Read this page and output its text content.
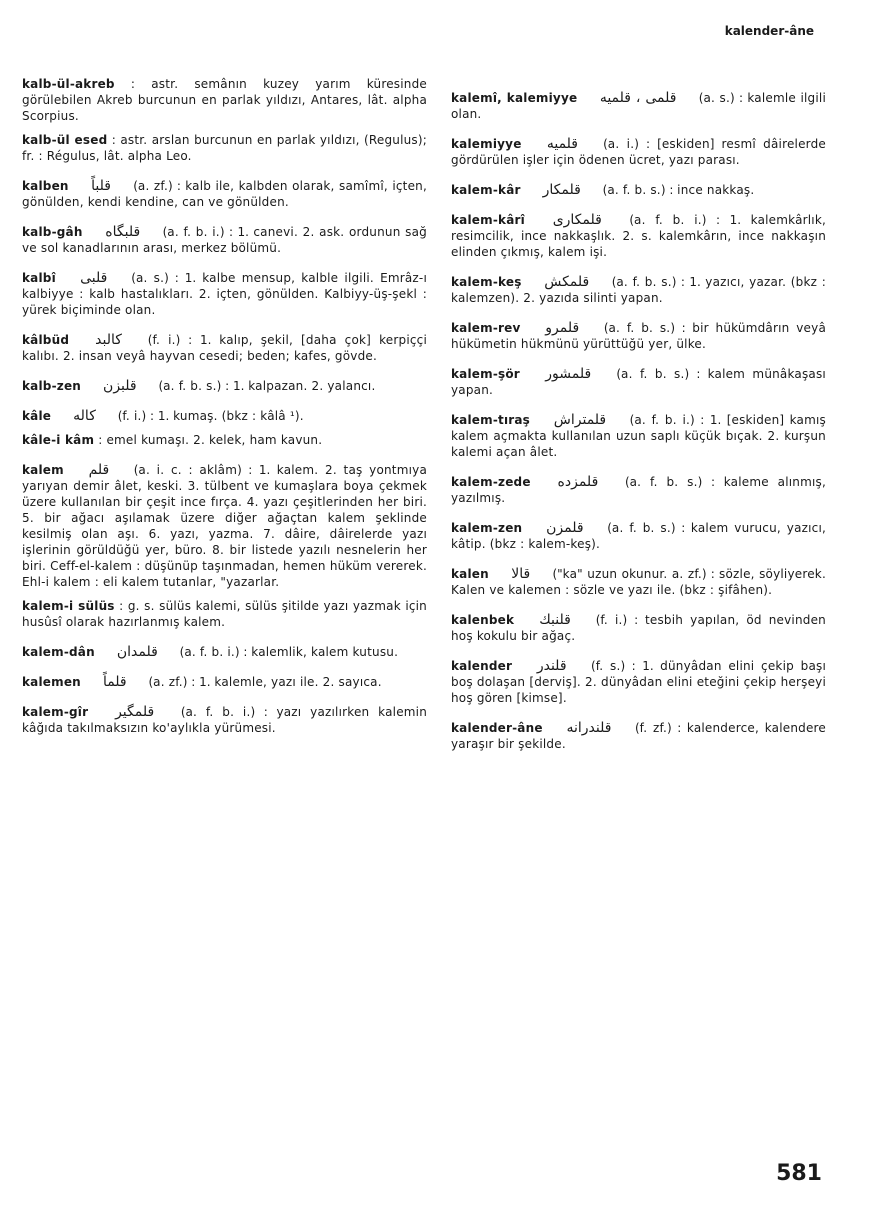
kalender-âne
kalb-ül-akreb : astr. semânın kuzey yarım küresinde görülebilen Akreb burcunun en parlak yıldızı, Antares, lât. alpha Scorpius.
kalb-ül esed : astr. arslan burcunun en parlak yıldızı, (Regulus); fr. : Régulus, lât. alpha Leo.
kalben قلباً (a. zf.) : kalb ile, kalbden olarak, samîmî, içten, gönülden, kendi kendine, can ve gönülden.
kalb-gâh قلبگاه (a. f. b. i.) : 1. canevi. 2. ask. ordunun sağ ve sol kanadlarının arası, merkez bölümü.
kalbî قلبى (a. s.) : 1. kalbe mensup, kalble ilgili. Emrâz-ı kalbiyye : kalb hastalıkları. 2. içten, gönülden. Kalbiyy-üş-şekl : yürek biçiminde olan.
kâlbüd كالبد (f. i.) : 1. kalıp, şekil, [daha çok] kerpiççi kalıbı. 2. insan veyâ hayvan cesedi; beden; kafes, gövde.
kalb-zen قلبزن (a. f. b. s.) : 1. kalpazan. 2. yalancı.
kâle كاله (f. i.) : 1. kumaş. (bkz : kâlâ ¹).
kâle-i kâm : emel kumaşı. 2. kelek, ham kavun.
kalem قلم (a. i. c. : aklâm) : 1. kalem. 2. taş yontmıya yarıyan demir âlet, keski. 3. tülbent ve kumaşlara boya çekmek üzere kullanılan bir çeşit ince fırça. 4. yazı çeşitlerinden her biri. 5. bir ağacı aşılamak üzere diğer ağaçtan kalem şeklinde kesilmiş olan aşı. 6. yazı, yazma. 7. dâire, dâirelerde yazı işlerinin görüldüğü yer, büro. 8. bir listede yazılı nesnelerin her biri. Ceff-el-kalem : düşünüp taşınmadan, hemen hüküm vererek. Ehl-i kalem : eli kalem tutanlar, "yazarlar.
kalem-i sülüs : g. s. sülüs kalemi, sülüs şitilde yazı yazmak için husûsî olarak hazırlanmış kalem.
kalem-dân قلمدان (a. f. b. i.) : kalemlik, kalem kutusu.
kalemen قلماً (a. zf.) : 1. kalemle, yazı ile. 2. sayıca.
kalem-gîr قلمگير (a. f. b. i.) : yazı yazılırken kalemin kâğıda takılmaksızın ko'aylıkla yürümesi.
kalemî, kalemiyye قلمى ، قلميه (a. s.) : kalemle ilgili olan.
kalemiyye قلميه (a. i.) : [eskiden] resmî dâirelerde gördürülen işler için ödenen ücret, yazı parası.
kalem-kâr قلمكار (a. f. b. s.) : ince nakkaş.
kalem-kârî قلمكارى (a. f. b. i.) : 1. kalemkârlık, resimcilik, ince nakkaşlık. 2. s. kalemkârın, ince nakkaşın elinden çıkmış, kalem işi.
kalem-keş قلمكش (a. f. b. s.) : 1. yazıcı, yazar. (bkz : kalemzen). 2. yazıda silinti yapan.
kalem-rev قلمرو (a. f. b. s.) : bir hükümdârın veyâ hükümetin hükmünü yürüttüğü yer, ülke.
kalem-şör قلمشور (a. f. b. s.) : kalem münâkaşası yapan.
kalem-tıraş قلمتراش (a. f. b. i.) : 1. [eskiden] kamış kalem açmakta kullanılan uzun saplı küçük bıçak. 2. kurşun kalemi açan âlet.
kalem-zede قلمزده (a. f. b. s.) : kaleme alınmış, yazılmış.
kalem-zen قلمزن (a. f. b. s.) : kalem vurucu, yazıcı, kâtip. (bkz : kalem-keş).
kalen قالا ("ka" uzun okunur. a. zf.) : sözle, söyliyerek. Kalen ve kalemen : sözle ve yazı ile. (bkz : şifâhen).
kalenbek قلنبك (f. i.) : tesbih yapılan, öd nevinden hoş kokulu bir ağaç.
kalender قلندر (f. s.) : 1. dünyâdan elini çekip başı boş dolaşan [derviş]. 2. dünyâdan elini eteğini çekip herşeyi hoş gören [kimse].
kalender-âne قلندرانه (f. zf.) : kalenderce, kalendere yaraşır bir şekilde.
581
